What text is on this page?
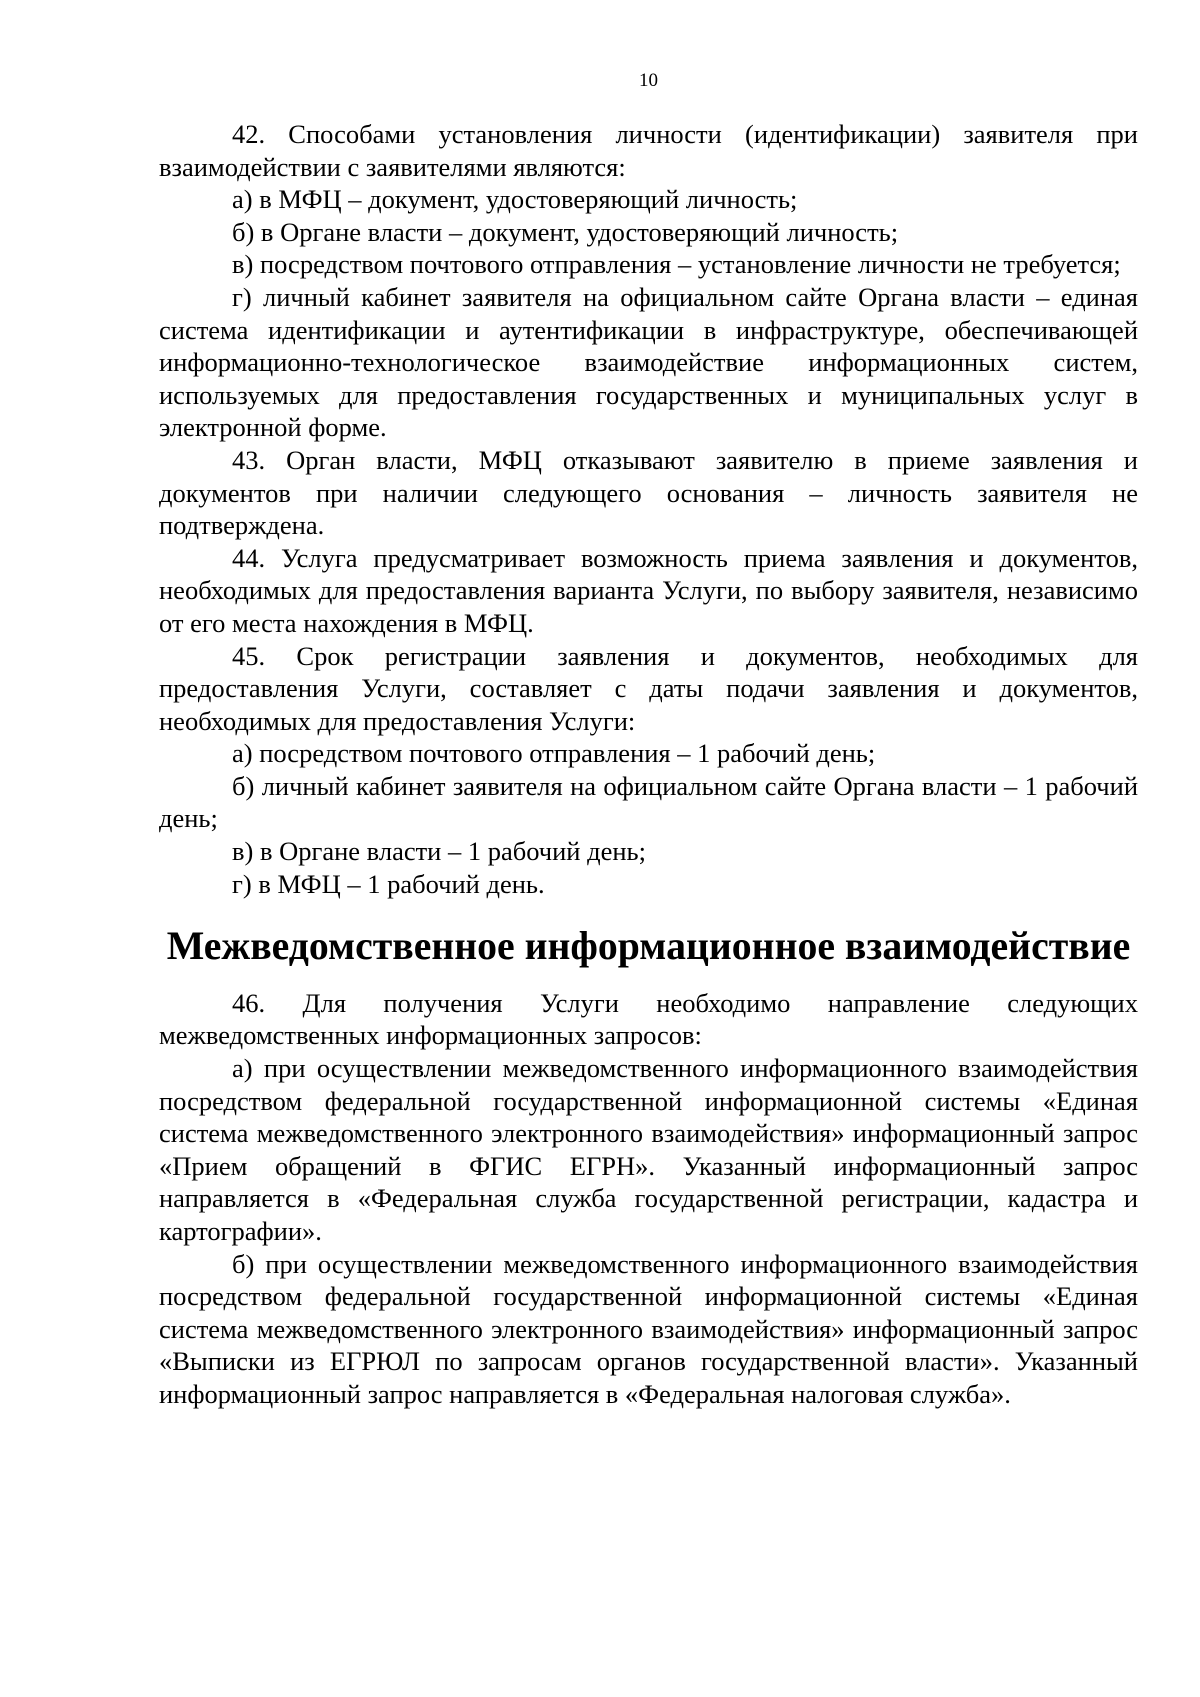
10

42. Способами установления личности (идентификации) заявителя при взаимодействии с заявителями являются:

а) в МФЦ – документ, удостоверяющий личность;

б) в Органе власти – документ, удостоверяющий личность;

в) посредством почтового отправления – установление личности не требуется;

г) личный кабинет заявителя на официальном сайте Органа власти – единая система идентификации и аутентификации в инфраструктуре, обеспечивающей информационно-технологическое взаимодействие информационных систем, используемых для предоставления государственных и муниципальных услуг в электронной форме.

43. Орган власти, МФЦ отказывают заявителю в приеме заявления и документов при наличии следующего основания – личность заявителя не подтверждена.

44. Услуга предусматривает возможность приема заявления и документов, необходимых для предоставления варианта Услуги, по выбору заявителя, независимо от его места нахождения в МФЦ.

45. Срок регистрации заявления и документов, необходимых для предоставления Услуги, составляет с даты подачи заявления и документов, необходимых для предоставления Услуги:

а) посредством почтового отправления – 1 рабочий день;

б) личный кабинет заявителя на официальном сайте Органа власти – 1 рабочий день;

в) в Органе власти – 1 рабочий день;

г) в МФЦ – 1 рабочий день.

Межведомственное информационное взаимодействие

46. Для получения Услуги необходимо направление следующих межведомственных информационных запросов:

а) при осуществлении межведомственного информационного взаимодействия посредством федеральной государственной информационной системы «Единая система межведомственного электронного взаимодействия» информационный запрос «Прием обращений в ФГИС ЕГРН». Указанный информационный запрос направляется в «Федеральная служба государственной регистрации, кадастра и картографии».

б) при осуществлении межведомственного информационного взаимодействия посредством федеральной государственной информационной системы «Единая система межведомственного электронного взаимодействия» информационный запрос «Выписки из ЕГРЮЛ по запросам органов государственной власти». Указанный информационный запрос направляется в «Федеральная налоговая служба».
